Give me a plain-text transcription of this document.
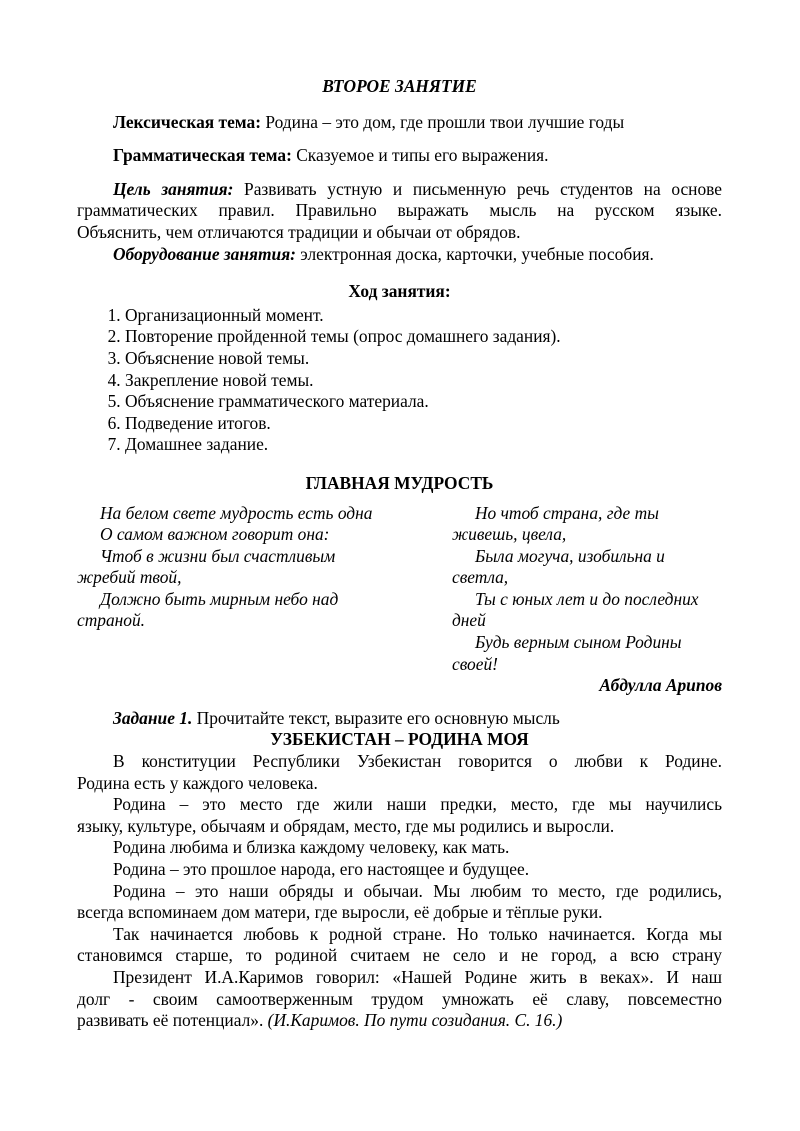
ВТОРОЕ ЗАНЯТИЕ

Лексическая тема: Родина – это дом, где прошли твои лучшие годы

Грамматическая тема: Сказуемое и типы его выражения.

Цель занятия: Развивать устную и письменную речь студентов на основе

грамматических правил. Правильно выражать мысль на русском языке.

Объяснить, чем отличаются традиции и обычаи от обрядов.

Оборудование занятия: электронная доска, карточки, учебные пособия.

Ход занятия:

1. Организационный момент.
2. Повторение пройденной темы (опрос домашнего задания).
3. Объяснение новой темы.
4. Закрепление новой темы.
5. Объяснение грамматического материала.
6. Подведение итогов.
7. Домашнее задание.

ГЛАВНАЯ МУДРОСТЬ

На белом свете мудрость есть одна

О самом важном говорит она:

Чтоб в жизни был счастливым

жребий твой,

Должно быть мирным небо над

страной.

Но чтоб страна, где ты

живешь, цвела,

Была могуча, изобильна и

светла,

Ты с юных лет и до последних

дней

Будь верным сыном Родины

своей!

Абдулла Арипов

Задание 1. Прочитайте текст, выразите его основную мысль

УЗБЕКИСТАН – РОДИНА МОЯ

В конституции Республики Узбекистан говорится о любви к Родине.

Родина есть у каждого человека.

Родина – это место где жили наши предки, место, где мы научились

языку, культуре, обычаям и обрядам, место, где мы родились и выросли.

Родина любима и близка каждому человеку, как мать.

Родина – это прошлое народа, его настоящее и будущее.

Родина – это наши обряды и обычаи. Мы любим то место, где родились,

всегда вспоминаем дом матери, где выросли, её добрые и тёплые руки.

Так начинается любовь к родной стране. Но только начинается. Когда мы

становимся старше, то родиной считаем не село и не город, а всю страну

Президент И.А.Каримов говорил: «Нашей Родине жить в веках». И наш

долг - своим самоотверженным трудом умножать её славу, повсеместно

развивать её потенциал». (И.Каримов. По пути созидания. С. 16.)
